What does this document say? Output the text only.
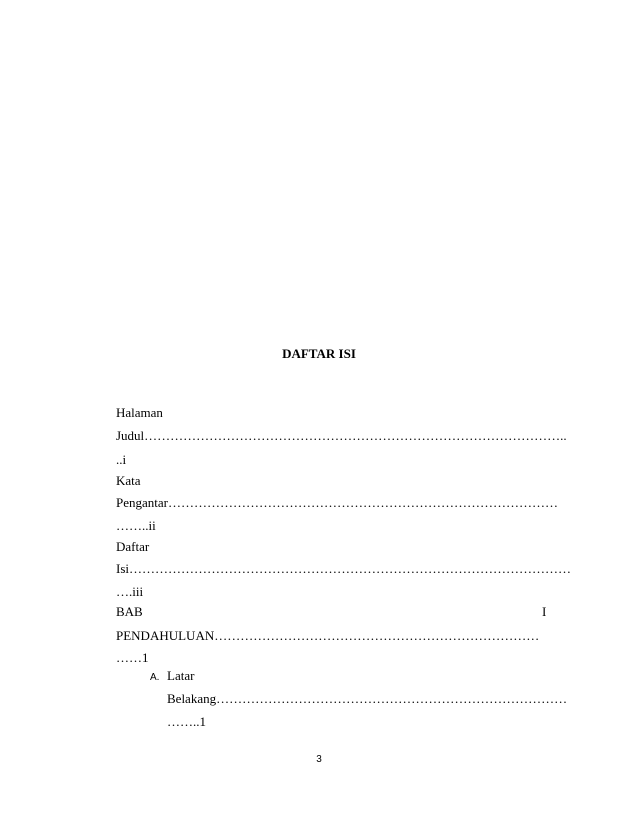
DAFTAR ISI
Halaman
Judul……………………………………………………………………………………..
..i
Kata
Pengantar………………………………………………………………………………
……..ii
Daftar
Isi…………………………………………………………………………………………
….iii
BAB	I
PENDAHULUAN…………………………………………………………………
……1
A. Latar
Belakang………………………………………………………………………
……..1
3
